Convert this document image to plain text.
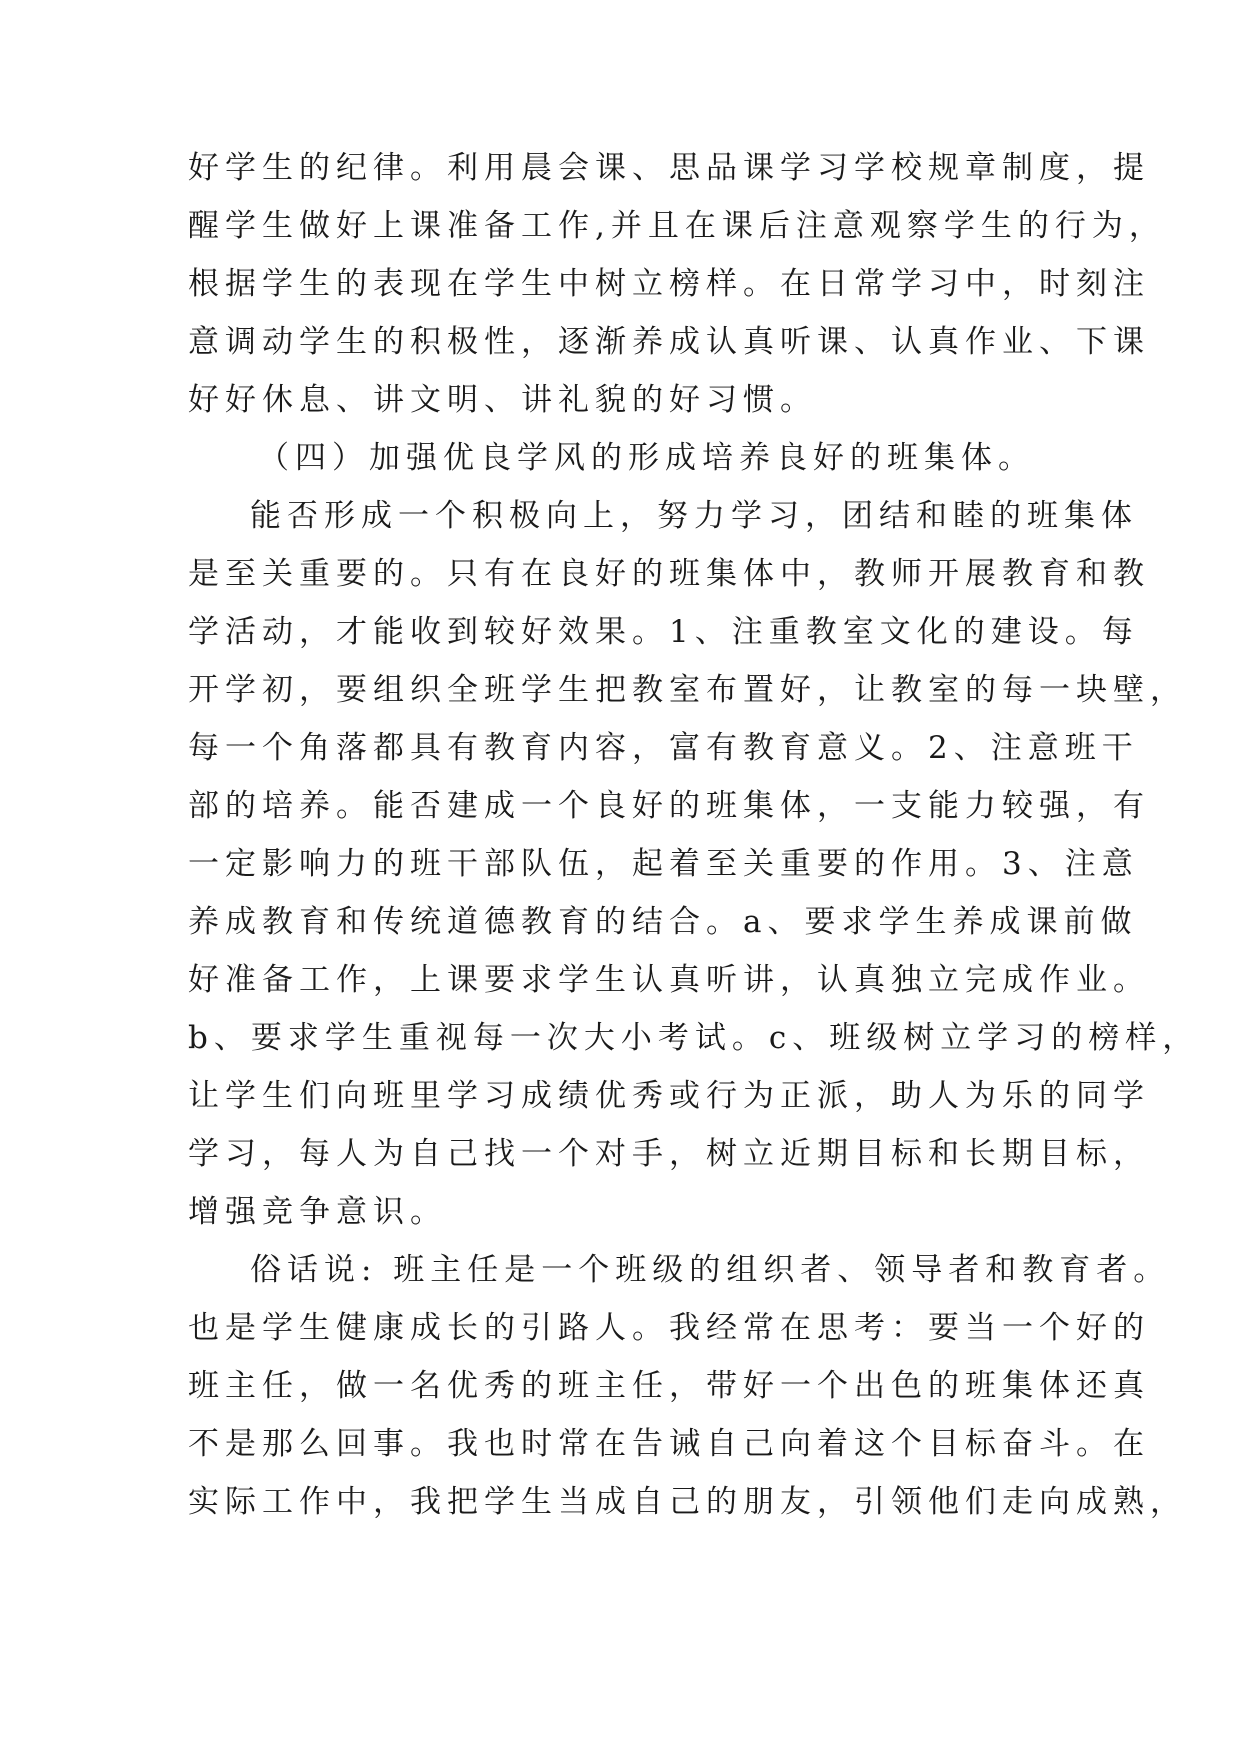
好学生的纪律。利用晨会课、思品课学习学校规章制度，提
醒学生做好上课准备工作,并且在课后注意观察学生的行为，
根据学生的表现在学生中树立榜样。在日常学习中，时刻注
意调动学生的积极性，逐渐养成认真听课、认真作业、下课
好好休息、讲文明、讲礼貌的好习惯。
（四）加强优良学风的形成培养良好的班集体。
能否形成一个积极向上，努力学习，团结和睦的班集体
是至关重要的。只有在良好的班集体中，教师开展教育和教
学活动，才能收到较好效果。1、注重教室文化的建设。每
开学初，要组织全班学生把教室布置好，让教室的每一块壁，
每一个角落都具有教育内容，富有教育意义。2、注意班干
部的培养。能否建成一个良好的班集体，一支能力较强，有
一定影响力的班干部队伍，起着至关重要的作用。3、注意
养成教育和传统道德教育的结合。a、要求学生养成课前做
好准备工作，上课要求学生认真听讲，认真独立完成作业。
b、要求学生重视每一次大小考试。c、班级树立学习的榜样，
让学生们向班里学习成绩优秀或行为正派，助人为乐的同学
学习，每人为自己找一个对手，树立近期目标和长期目标，
增强竞争意识。
俗话说: 班主任是一个班级的组织者、领导者和教育者。
也是学生健康成长的引路人。我经常在思考：要当一个好的
班主任，做一名优秀的班主任，带好一个出色的班集体还真
不是那么回事。我也时常在告诫自己向着这个目标奋斗。在
实际工作中，我把学生当成自己的朋友，引领他们走向成熟，
